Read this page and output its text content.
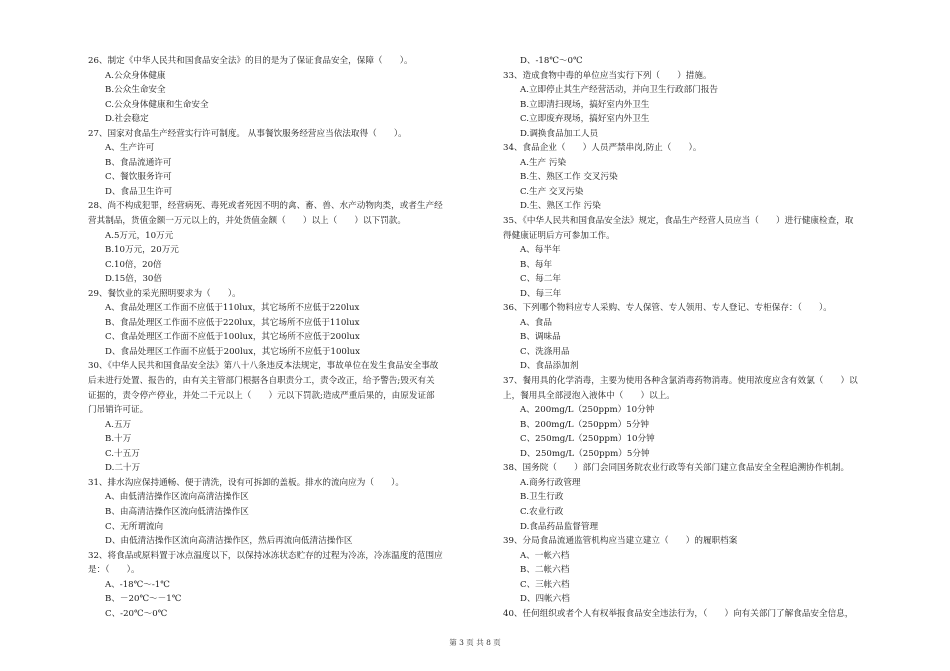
26、制定《中华人民共和国食品安全法》的目的是为了保证食品安全，保障（　　）。
A.公众身体健康
B.公众生命安全
C.公众身体健康和生命安全
D.社会稳定
27、国家对食品生产经营实行许可制度。 从事餐饮服务经营应当依法取得（　　）。
A、生产许可
B、食品流通许可
C、餐饮服务许可
D、食品卫生许可
28、尚不构成犯罪，经营病死、毒死或者死因不明的禽、畜、兽、水产动物肉类，或者生产经
营其制品，货值金额一万元以上的，并处货值金额（　　）以上（　　）以下罚款。
A.5万元，10万元
B.10万元，20万元
C.10倍，20倍
D.15倍，30倍
29、餐饮业的采光照明要求为（　　）。
A、食品处理区工作面不应低于110lux，其它场所不应低于220lux
B、食品处理区工作面不应低于220lux，其它场所不应低于110lux
C、食品处理区工作面不应低于100lux，其它场所不应低于200lux
D、食品处理区工作面不应低于200lux，其它场所不应低于100lux
30、《中华人民共和国食品安全法》第八十八条违反本法规定，事故单位在发生食品安全事故
后未进行处置、报告的，由有关主管部门根据各自职责分工，责令改正，给予警告;毁灭有关
证据的，责令停产停业，并处二千元以上（　　）元以下罚款;造成严重后果的，由原发证部
门吊销许可证。
A.五万
B.十万
C.十五万
D.二十万
31、排水沟应保持通畅、便于清洗，设有可拆卸的盖板。排水的流向应为（　　）。
A、由低清洁操作区流向高清洁操作区
B、由高清洁操作区流向低清洁操作区
C、无所谓流向
D、由低清洁操作区流向高清洁操作区，然后再流向低清洁操作区
32、将食品或原料置于冰点温度以下，以保持冰冻状态贮存的过程为冷冻，冷冻温度的范围应
是：（　　）。
A、-18℃～-1℃
B、－20℃～－1℃
C、-20℃～0℃
D、-18℃～0℃
33、造成食物中毒的单位应当实行下列（　　）措施。
A.立即停止其生产经营活动，并向卫生行政部门报告
B.立即清扫现场，搞好室内外卫生
C.立即废弃现场，搞好室内外卫生
D.调换食品加工人员
34、食品企业（　　）人员严禁串岗,防止（　　）。
A.生产 污染
B.生、熟区工作 交叉污染
C.生产 交叉污染
D.生、熟区工作 污染
35、《中华人民共和国食品安全法》规定，食品生产经营人员应当（　　）进行健康检查，取
得健康证明后方可参加工作。
A、每半年
B、每年
C、每二年
D、每三年
36、下列哪个物料应专人采购、专人保管、专人领用、专人登记、专柜保存：（　　）。
A、食品
B、调味品
C、洗涤用品
D、食品添加剂
37、餐用具的化学消毒，主要为使用各种含氯消毒药物消毒。使用浓度应含有效氯（　　）以
上，餐用具全部浸泡入液体中（　　）以上。
A、200mg/L（250ppm）10分钟
B、200mg/L（250ppm）5分钟
C、250mg/L（250ppm）10分钟
D、250mg/L（250ppm）5分钟
38、国务院（　　）部门会同国务院农业行政等有关部门建立食品安全全程追溯协作机制。
A.商务行政管理
B.卫生行政
C.农业行政
D.食品药品监督管理
39、分局食品流通监管机构应当建立建立（　　）的履职档案
A、一帐六档
B、二帐六档
C、三帐六档
D、四帐六档
40、任何组织或者个人有权举报食品安全违法行为，（　　）向有关部门了解食品安全信息，
第 3 页 共 8 页
